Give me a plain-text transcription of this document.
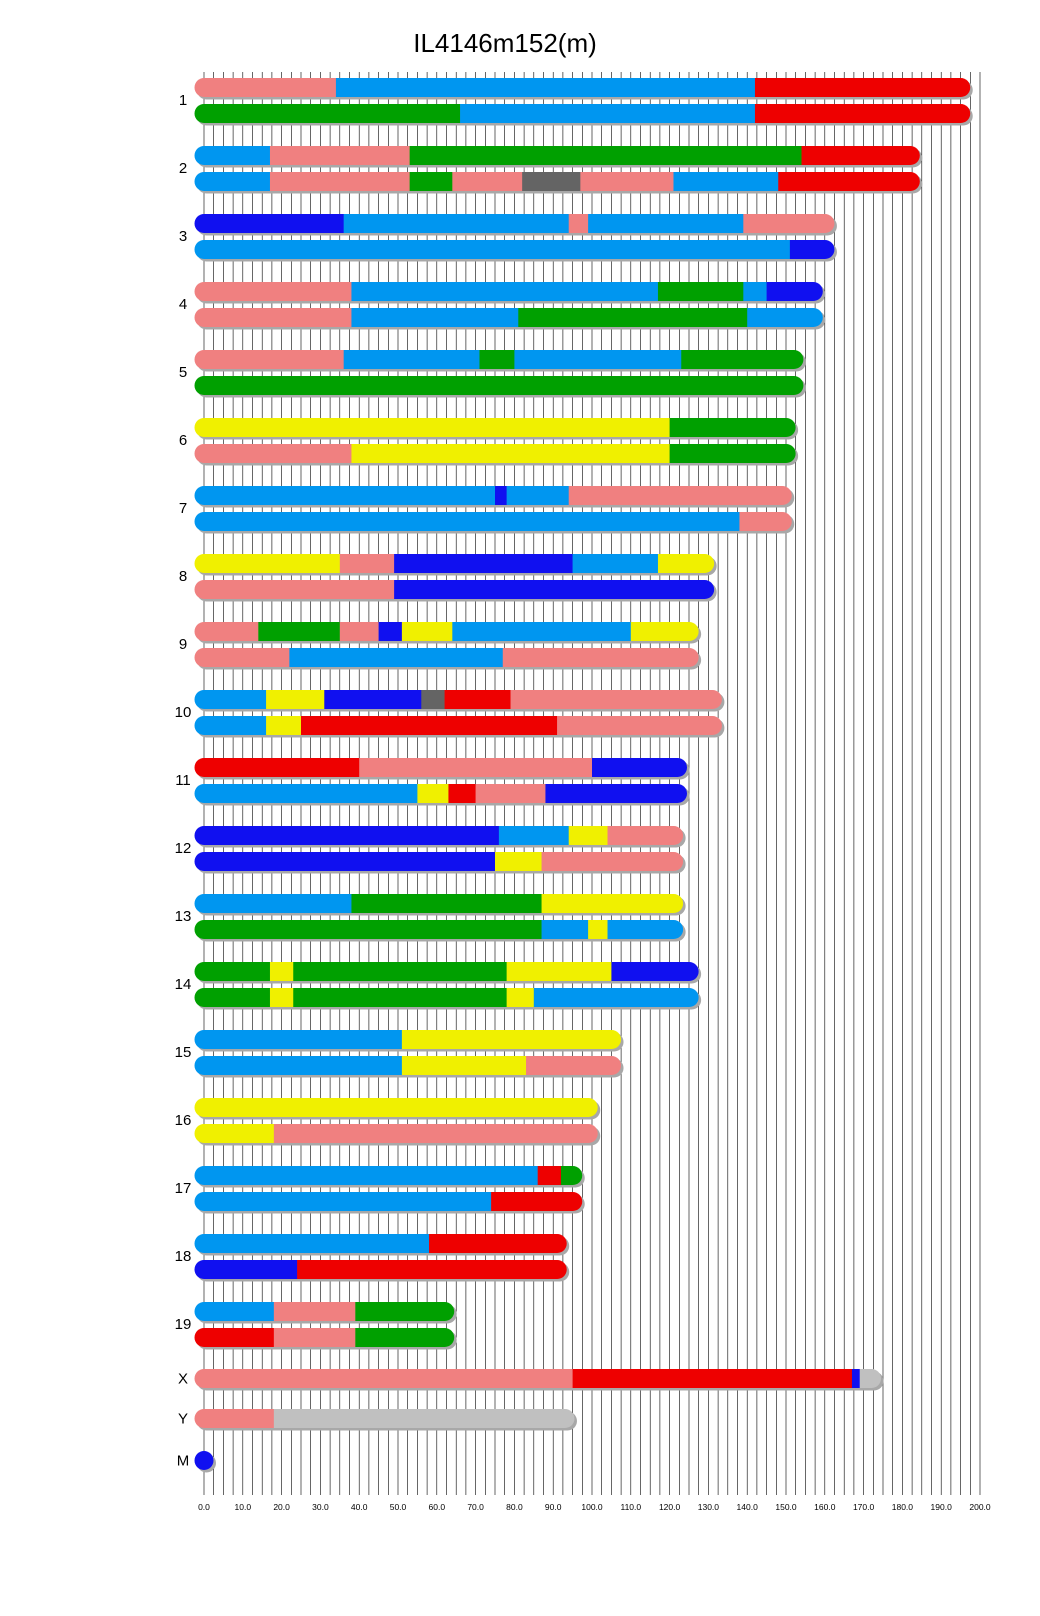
IL4146m152(m)
0.0	10.0	20.0	30.0	40.0	50.0	60.0	70.0	80.0	90.0 100.0 110.0 120.0 130.0 140.0 150.0 160.0 170.0 180.0 190.0 200.0
1
2
3
4
5
6
7
8
9
10
11
12
13
14
15
16
17
18
19
X
Y
M
